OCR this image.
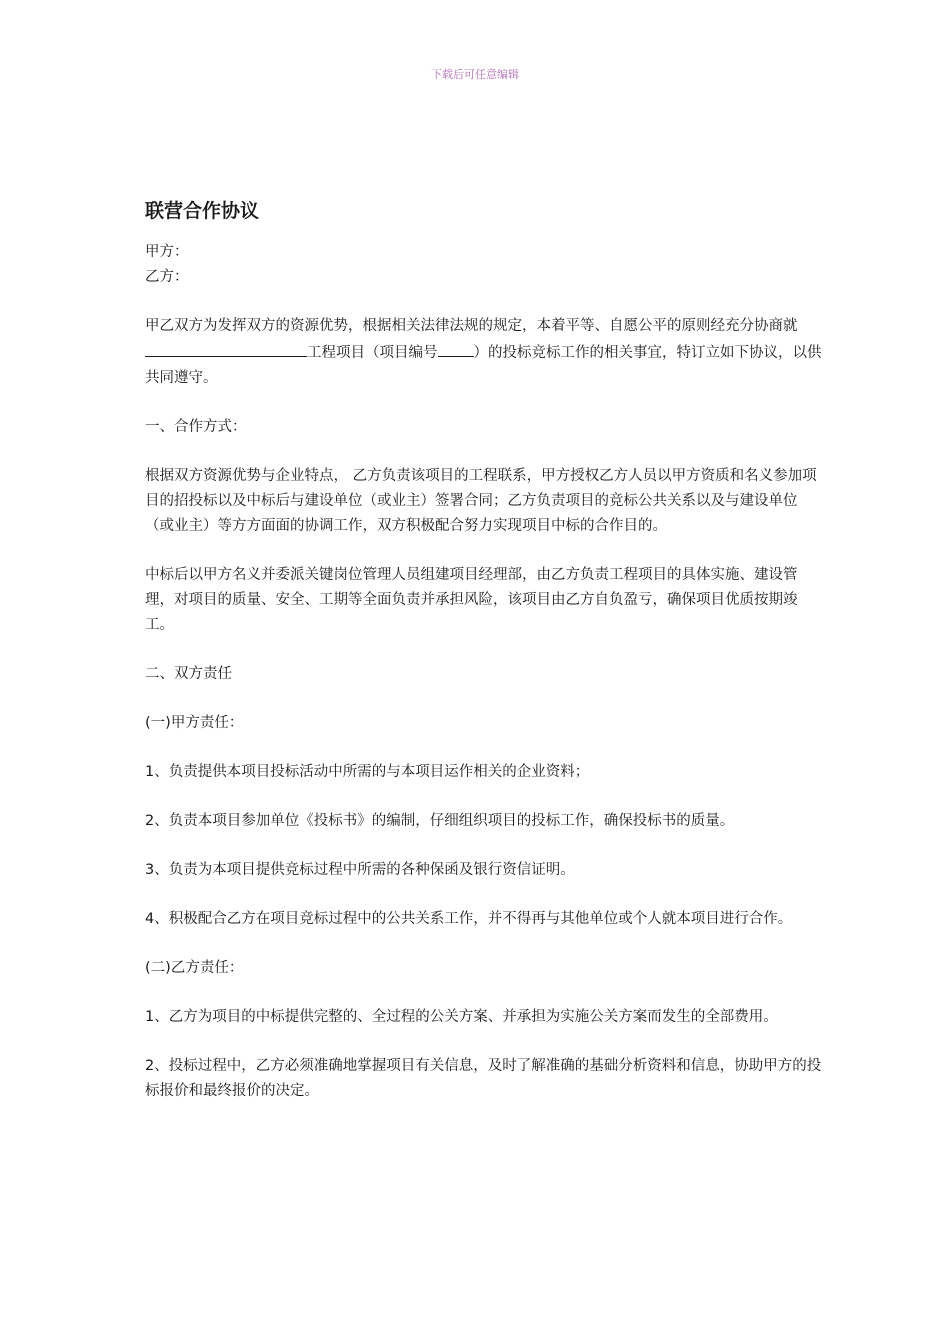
下载后可任意编辑
联营合作协议

甲方：

乙方：

甲乙双方为发挥双方的资源优势，根据相关法律法规的规定，本着平等、自愿公平的原则经充分协商就工程项目（项目编号 ）的投标竞标工作的相关事宜，特订立如下协议，以供共同遵守。

一、合作方式：

根据双方资源优势与企业特点， 乙方负责该项目的工程联系，甲方授权乙方人员以甲方资质和名义参加项目的招投标以及中标后与建设单位（或业主）签署合同；乙方负责项目的竞标公共关系以及与建设单位（或业主）等方方面面的协调工作，双方积极配合努力实现项目中标的合作目的。

中标后以甲方名义并委派关键岗位管理人员组建项目经理部，由乙方负责工程项目的具体实施、建设管理，对项目的质量、安全、工期等全面负责并承担风险，该项目由乙方自负盈亏，确保项目优质按期竣工。

二、双方责任

(一)甲方责任：

1、负责提供本项目投标活动中所需的与本项目运作相关的企业资料；

2、负责本项目参加单位《投标书》的编制，仔细组织项目的投标工作，确保投标书的质量。

3、负责为本项目提供竞标过程中所需的各种保函及银行资信证明。

4、积极配合乙方在项目竞标过程中的公共关系工作，并不得再与其他单位或个人就本项目进行合作。

(二)乙方责任：

1、乙方为项目的中标提供完整的、全过程的公关方案、并承担为实施公关方案而发生的全部费用。

2、投标过程中，乙方必须准确地掌握项目有关信息，及时了解准确的基础分析资料和信息，协助甲方的投标报价和最终报价的决定。
